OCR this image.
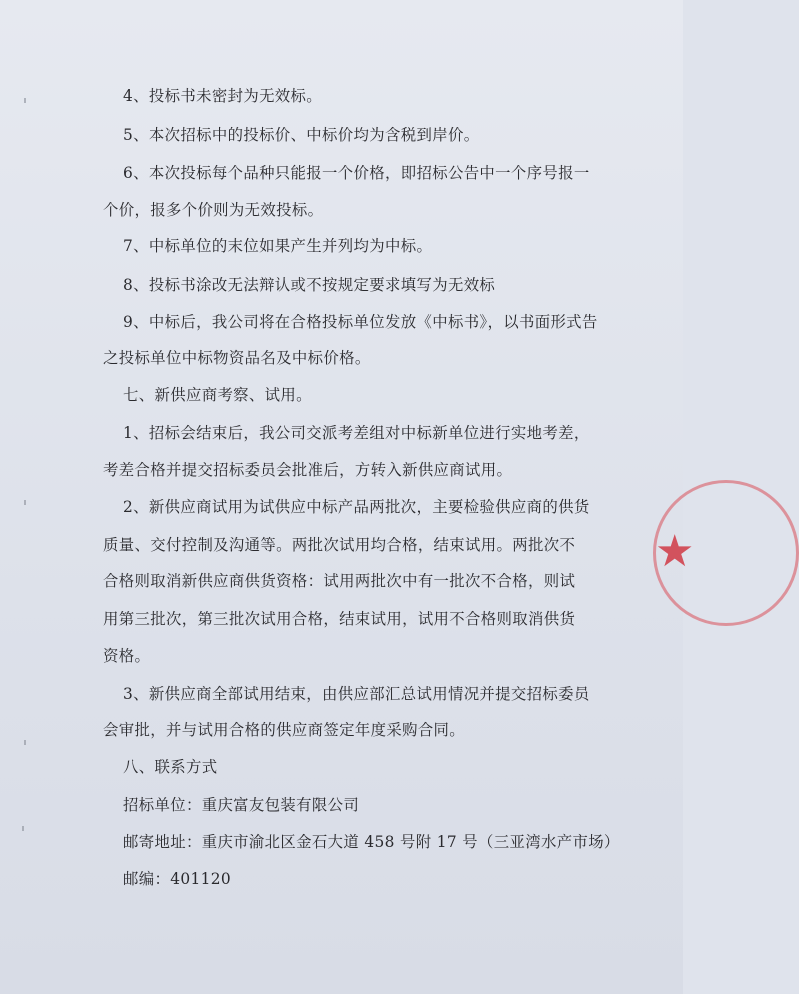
4、投标书未密封为无效标。
5、本次招标中的投标价、中标价均为含税到岸价。
6、本次投标每个品种只能报一个价格，即招标公告中一个序号报一
个价，报多个价则为无效投标。
7、中标单位的末位如果产生并列均为中标。
8、投标书涂改无法辩认或不按规定要求填写为无效标
9、中标后，我公司将在合格投标单位发放《中标书》，以书面形式告
之投标单位中标物资品名及中标价格。
七、新供应商考察、试用。
1、招标会结束后，我公司交派考差组对中标新单位进行实地考差，
考差合格并提交招标委员会批准后，方转入新供应商试用。
2、新供应商试用为试供应中标产品两批次，主要检验供应商的供货
质量、交付控制及沟通等。两批次试用均合格，结束试用。两批次不
合格则取消新供应商供货资格：试用两批次中有一批次不合格，则试
用第三批次，第三批次试用合格，结束试用，试用不合格则取消供货
资格。
3、新供应商全部试用结束，由供应部汇总试用情况并提交招标委员
会审批，并与试用合格的供应商签定年度采购合同。
八、联系方式
招标单位：重庆富友包装有限公司
邮寄地址：重庆市渝北区金石大道 458 号附 17 号（三亚湾水产市场）
邮编：401120
★
